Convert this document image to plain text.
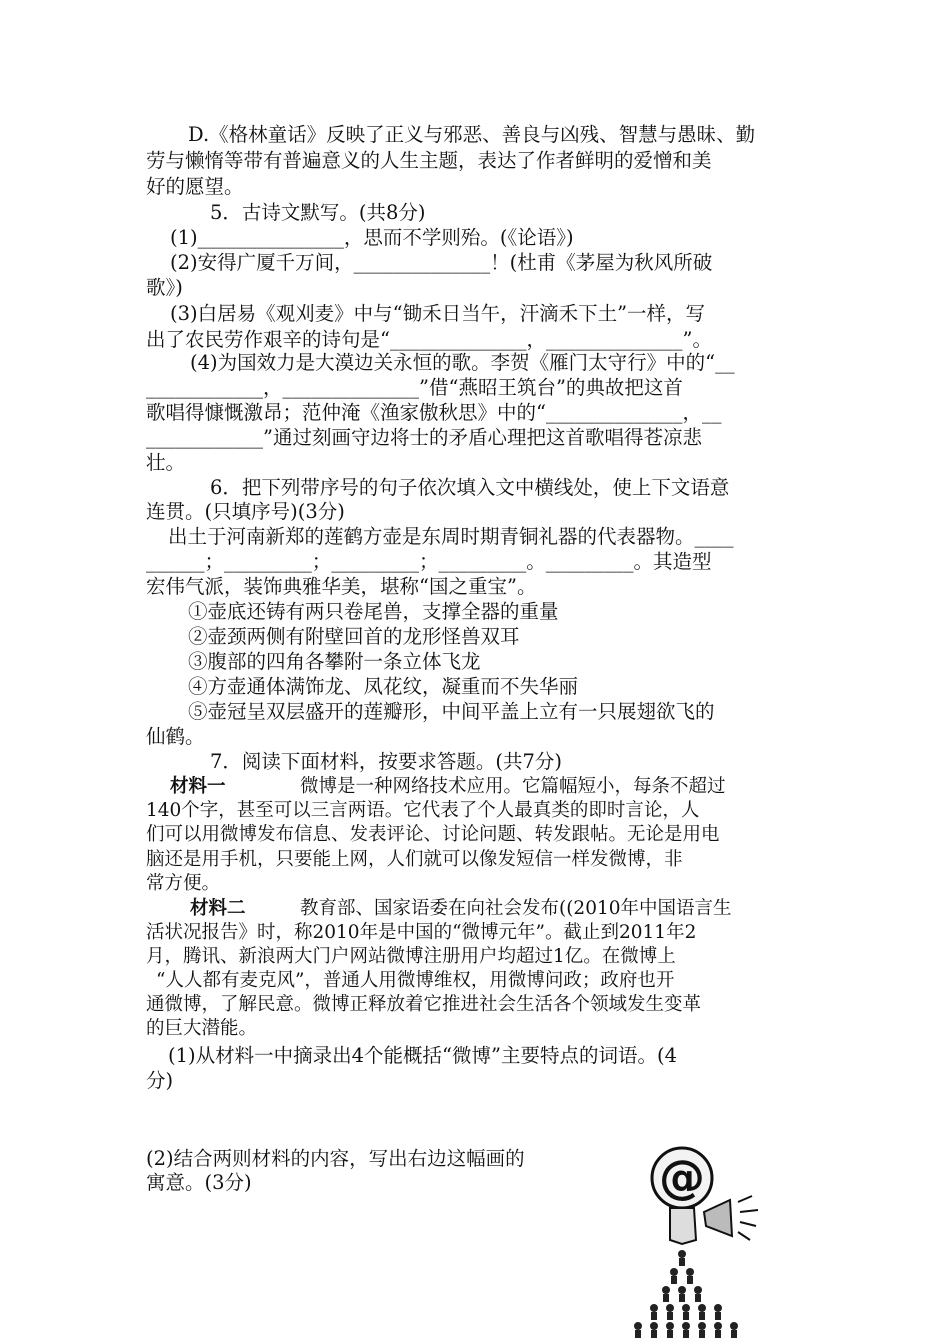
D.《格林童话》反映了正义与邪恶、善良与凶残、智慧与愚昧、勤
劳与懒惰等带有普遍意义的人生主题，表达了作者鲜明的爱憎和美
好的愿望。
5．古诗文默写。(共8分)
(1)_______________，思而不学则殆。(《论语》)
(2)安得广厦千万间，______________！(杜甫《茅屋为秋风所破
歌》)
(3)白居易《观刈麦》中与“锄禾日当午，汗滴禾下土”一样，写
出了农民劳作艰辛的诗句是“______________，______________”。
(4)为国效力是大漠边关永恒的歌。李贺《雁门太守行》中的“__
____________，______________”借“燕昭王筑台”的典故把这首
歌唱得慷慨激昂；范仲淹《渔家傲秋思》中的“______________，__
____________”通过刻画守边将士的矛盾心理把这首歌唱得苍凉悲
壮。
6．把下列带序号的句子依次填入文中横线处，使上下文语意
连贯。(只填序号)(3分)
出土于河南新郑的莲鹤方壶是东周时期青铜礼器的代表器物。____
______；_________；_________；_________。_________。其造型
宏伟气派，装饰典雅华美，堪称“国之重宝”。
①壶底还铸有两只卷尾兽，支撑全器的重量
②壶颈两侧有附壁回首的龙形怪兽双耳
③腹部的四角各攀附一条立体飞龙
④方壶通体满饰龙、凤花纹，凝重而不失华丽
⑤壶冠呈双层盛开的莲瓣形，中间平盖上立有一只展翅欲飞的
仙鹤。
7．阅读下面材料，按要求答题。(共7分)
材料一	微博是一种网络技术应用。它篇幅短小，每条不超过
140个字，甚至可以三言两语。它代表了个人最真类的即时言论，人
们可以用微博发布信息、发表评论、讨论问题、转发跟帖。无论是用电
脑还是用手机，只要能上网，人们就可以像发短信一样发微博，非
常方便。
材料二	教育部、国家语委在向社会发布((2010年中国语言生
活状况报告》时，称2010年是中国的“微博元年”。截止到2011年2
月，腾讯、新浪两大门户网站微博注册用户均超过1亿。在微博上
“人人都有麦克风”，普通人用微博维权，用微博问政；政府也开
通微博，了解民意。微博正释放着它推进社会生活各个领域发生变革
的巨大潜能。
(1)从材料一中摘录出4个能概括“微博”主要特点的词语。(4
分)
(2)结合两则材料的内容，写出右边这幅画的
寓意。(3分)	@
